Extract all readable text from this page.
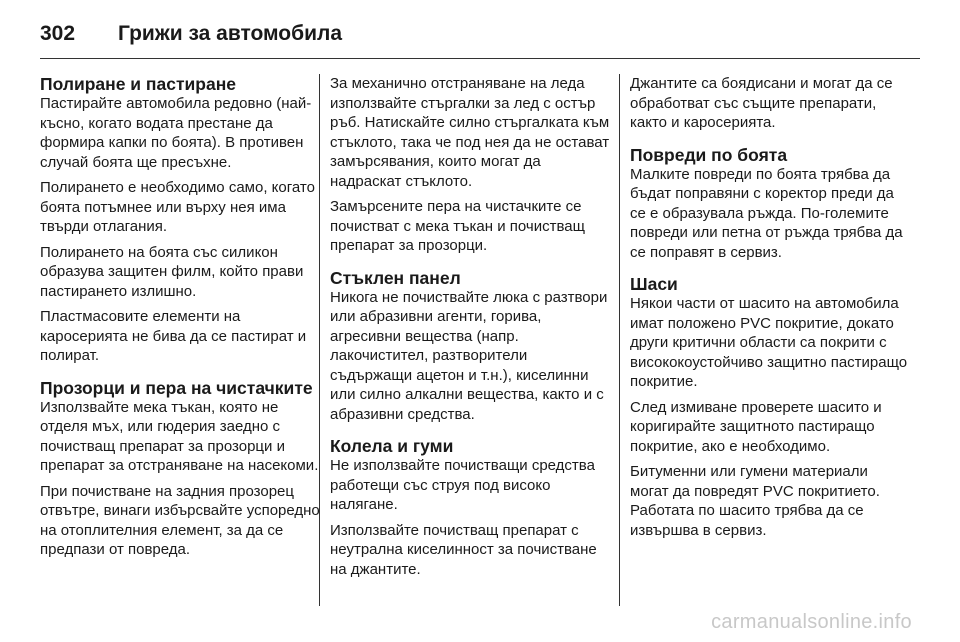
302	Грижи за автомобила
Полиране и пастиране

Пастирайте автомобила редовно (най-късно, когато водата престане да формира капки по боята). В противен случай боята ще пресъхне.

Полирането е необходимо само, когато боята потъмнее или върху нея има твърди отлагания.

Полирането на боята със силикон образува защитен филм, който прави пастирането излишно.

Пластмасовите елементи на каросерията не бива да се пастират и полират.

Прозорци и пера на чистачките

Използвайте мека тъкан, която не отделя мъх, или гюдерия заедно с почистващ препарат за прозорци и препарат за отстраняване на насекоми.

При почистване на задния прозорец отвътре, винаги избърсвайте успоредно на отоплителния елемент, за да се предпази от повреда.

За механично отстраняване на леда използвайте стъргалки за лед с остър ръб. Натискайте силно стъргалката към стъклото, така че под нея да не остават замърсявания, които могат да надраскат стъклото.

Замърсените пера на чистачките се почистват с мека тъкан и почистващ препарат за прозорци.

Стъклен панел

Никога не почиствайте люка с разтвори или абразивни агенти, горива, агресивни вещества (напр. лакочистител, разтворители съдържащи ацетон и т.н.), киселинни или силно алкални вещества, както и с абразивни средства.

Колела и гуми

Не използвайте почистващи средства работещи със струя под високо налягане.

Използвайте почистващ препарат с неутрална киселинност за почистване на джантите.

Джантите са боядисани и могат да се обработват със същите препарати, както и каросерията.

Повреди по боята

Малките повреди по боята трябва да бъдат поправяни с коректор преди да се е образувала ръжда. По-големите повреди или петна от ръжда трябва да се поправят в сервиз.

Шаси

Някои части от шасито на автомобила имат положено PVC покритие, докато други критични области са покрити с висококоустойчиво защитно пастиращо покритие.

След измиване проверете шасито и коригирайте защитното пастиращо покритие, ако е необходимо.

Битуменни или гумени материали могат да повредят PVC покритието. Работата по шасито трябва да се извършва в сервиз.

carmanualsonline.info
